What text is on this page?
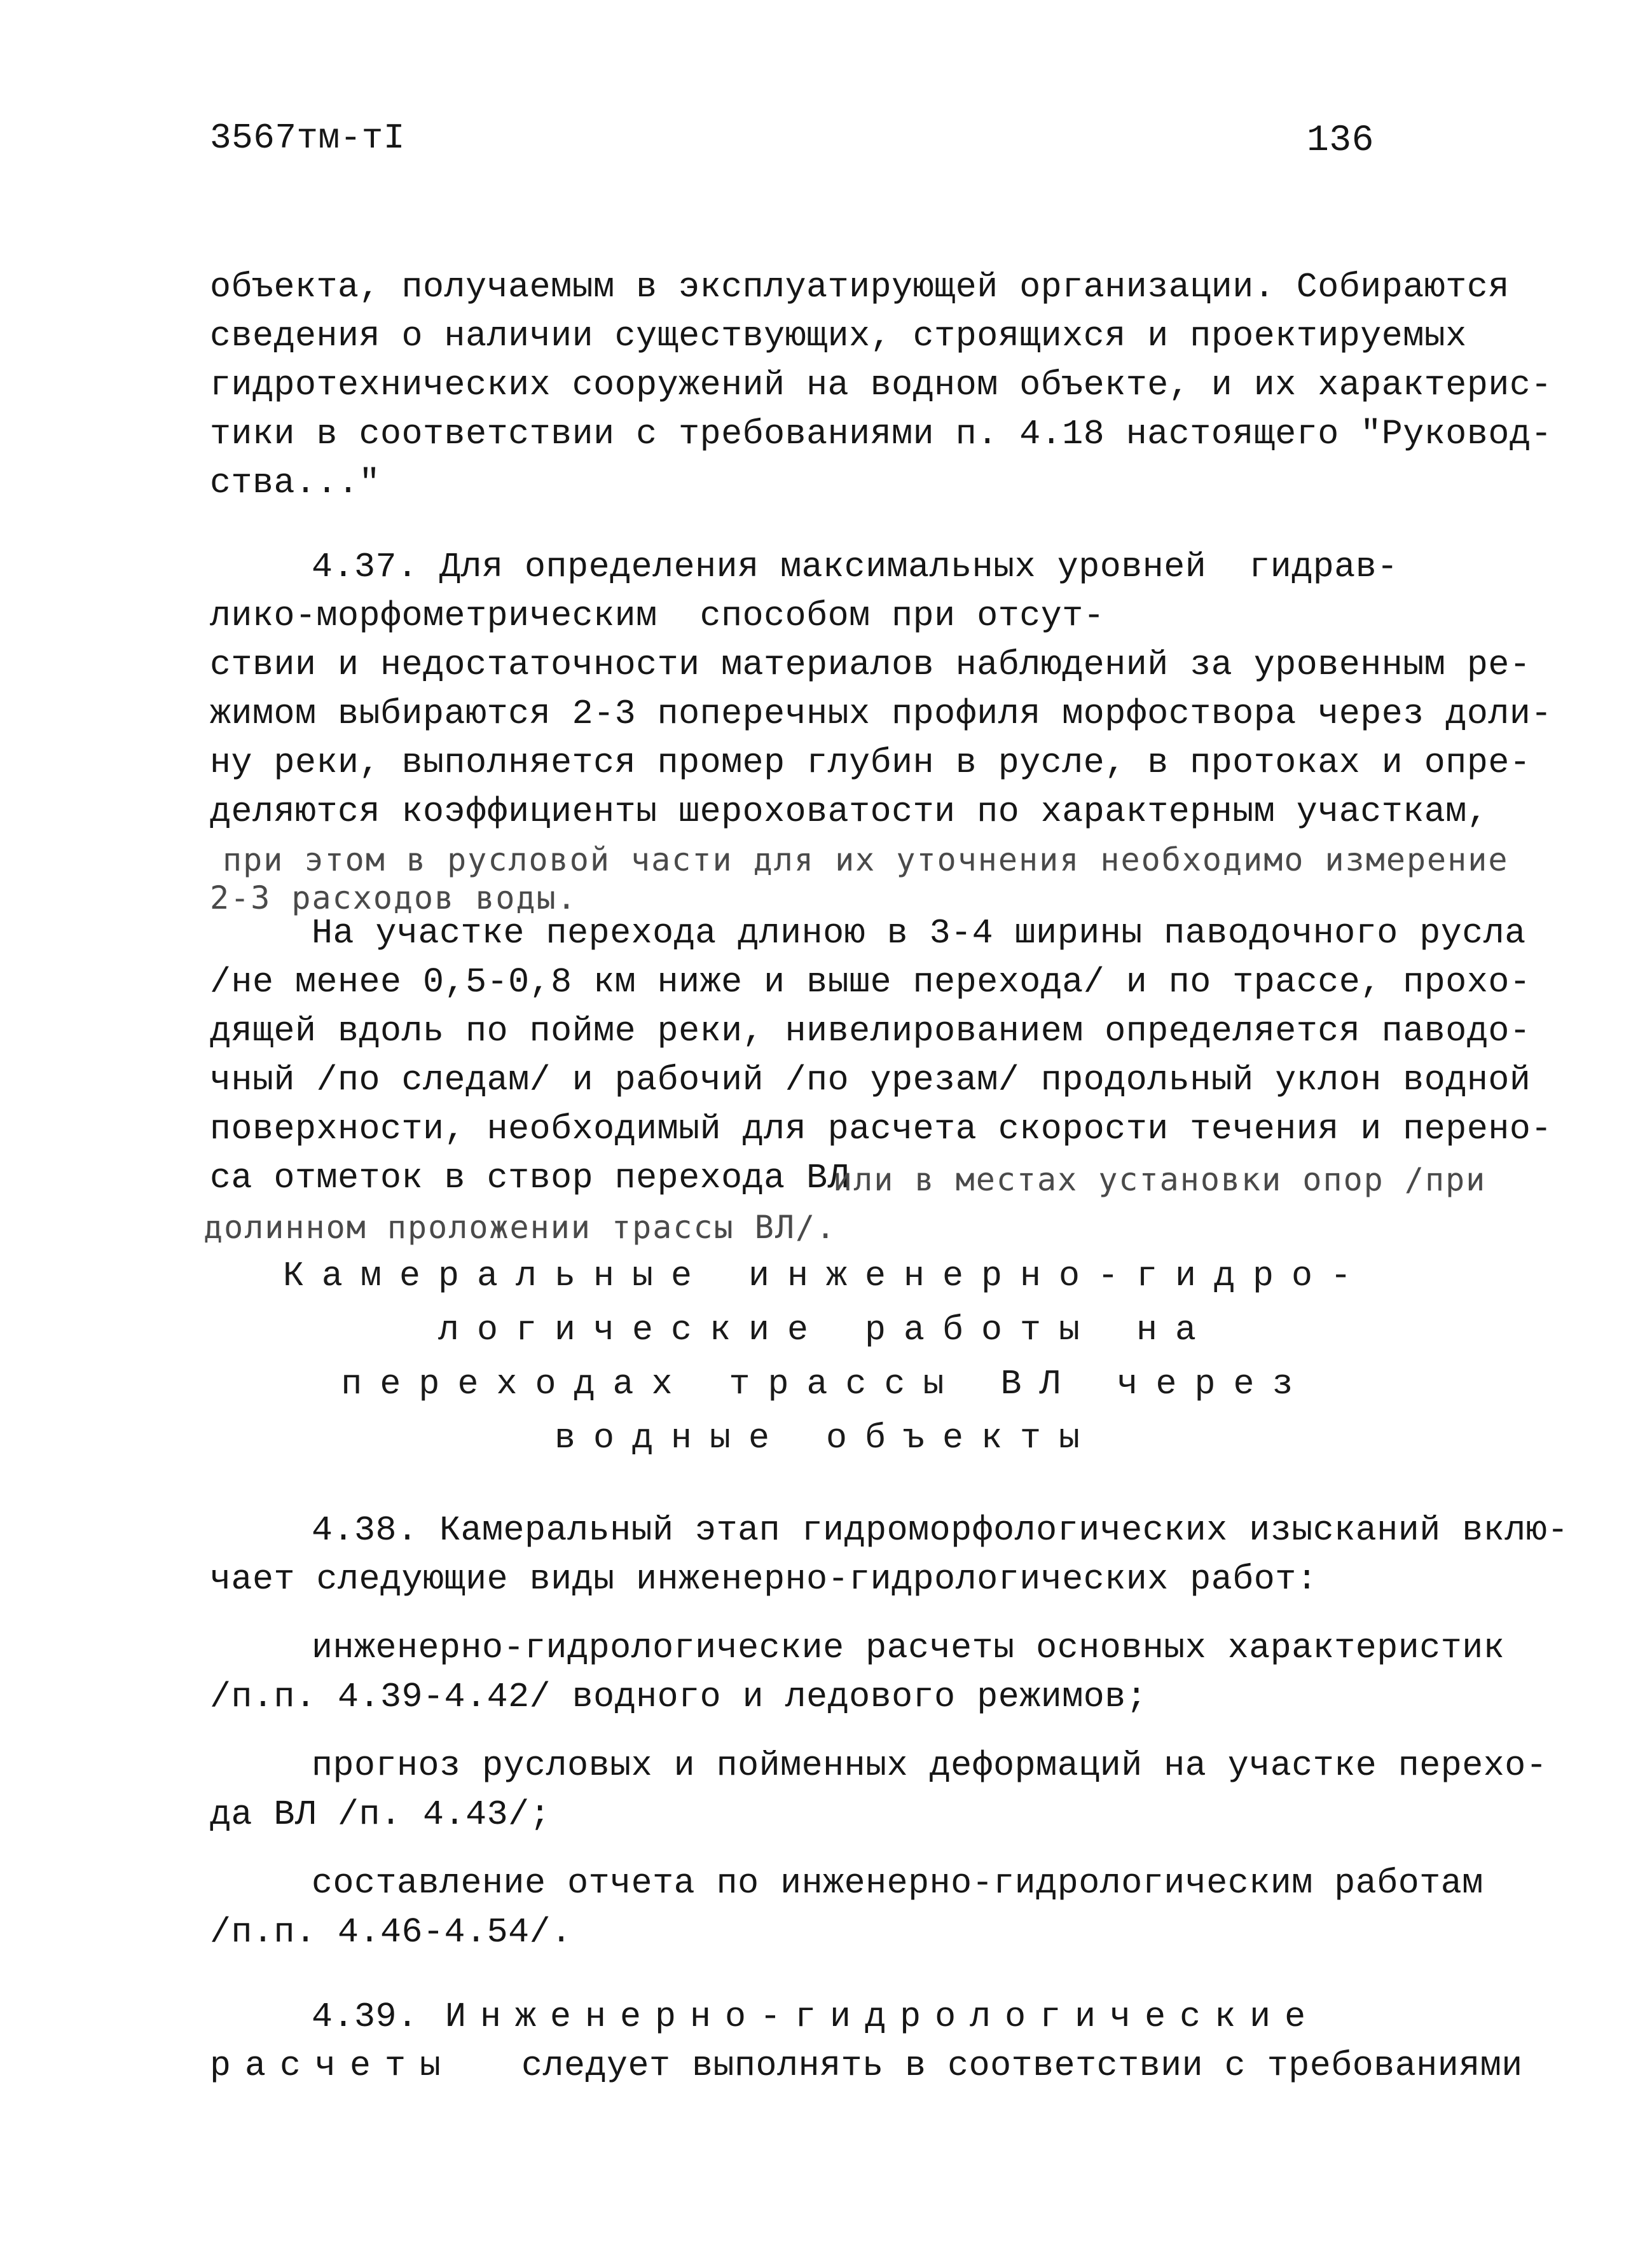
3567тм-тI	136
объекта, получаемым в эксплуатирующей организации. Собираются
сведения о наличии существующих, строящихся и проектируемых
гидротехнических сооружений на водном объекте, и их характерис-
тики в соответствии с требованиями п. 4.18 настоящего "Руковод-
ства..."
4.37. Для определения максимальных уровней  гидрав-
лико-морфометрическим  способом при отсут-
ствии и недостаточности материалов наблюдений за уровенным ре-
жимом выбираются 2-3 поперечных профиля морфоствора через доли-
ну реки, выполняется промер глубин в русле, в протоках и опре-
деляются коэффициенты шероховатости по характерным участкам,
при этом в русловой части для их уточнения необходимо измерение
2-3 расходов воды.
На участке перехода длиною в 3-4 ширины паводочного русла
/не менее 0,5-0,8 км ниже и выше перехода/ и по трассе, прохо-
дящей вдоль по пойме реки, нивелированием определяется паводо-
чный /по следам/ и рабочий /по урезам/ продольный уклон водной
поверхности, необходимый для расчета скорости течения и перено-
са отметок в створ перехода ВЛ
или в местах установки опор /при
долинном проложении трассы ВЛ/.
Камеральные инженерно-гидро-
логические работы на
переходах трассы ВЛ через
водные объекты
4.38. Камеральный этап гидроморфологических изысканий вклю-
чает следующие виды инженерно-гидрологических работ:
инженерно-гидрологические расчеты основных характеристик
/п.п. 4.39-4.42/ водного и ледового режимов;
прогноз русловых и пойменных деформаций на участке перехо-
да ВЛ /п. 4.43/;
составление отчета по инженерно-гидрологическим работам
/п.п. 4.46-4.54/.
4.39. Инженерно-гидрологические
расчеты следует выполнять в соответствии с требованиями
